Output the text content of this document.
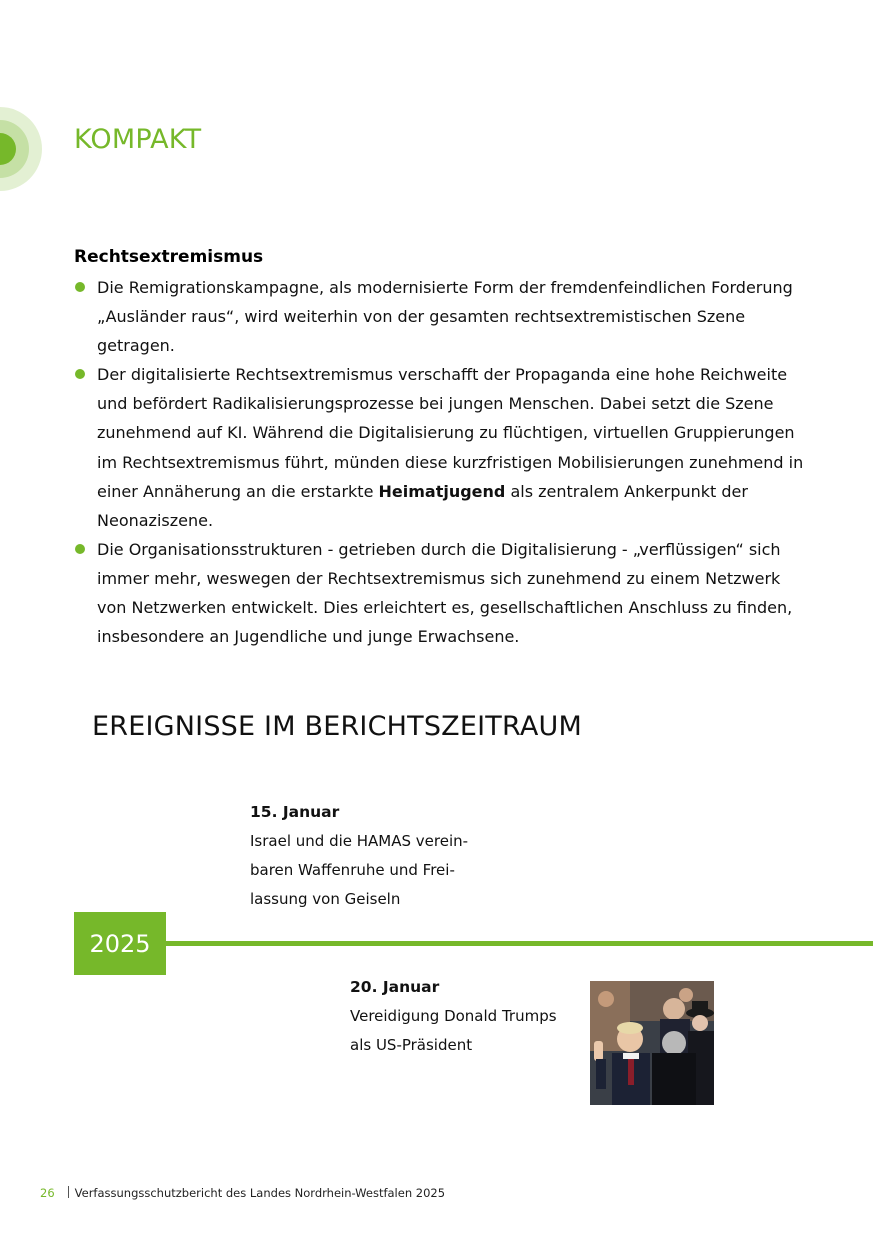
KOMPAKT
Rechtsextremismus
Die Remigrationskampagne, als modernisierte Form der fremdenfeindlichen Forderung „Ausländer raus“, wird weiterhin von der gesamten rechtsextremistischen Szene getragen.
Der digitalisierte Rechtsextremismus verschafft der Propaganda eine hohe Reichweite und befördert Radikalisierungsprozesse bei jungen Menschen. Dabei setzt die Szene zunehmend auf KI. Während die Digitalisierung zu flüchtigen, virtuellen Gruppierungen im Rechtsextremismus führt, münden diese kurzfristigen Mobilisierungen zunehmend in einer Annäherung an die erstarkte Heimatjugend als zentralem Ankerpunkt der Neonaziszene.
Die Organisationsstrukturen - getrieben durch die Digitalisierung - „verflüssigen“ sich immer mehr, weswegen der Rechtsextremismus sich zunehmend zu einem Netzwerk von Netzwerken entwickelt. Dies erleichtert es, gesellschaftlichen Anschluss zu finden, insbesondere an Jugendliche und junge Erwachsene.
EREIGNISSE IM BERICHTSZEITRAUM
15. Januar
Israel und die HAMAS verein-
baren Waffenruhe und Frei-
lassung von Geiseln
2025
20. Januar
Vereidigung Donald Trumps
als US-Präsident
26 Verfassungsschutzbericht des Landes Nordrhein-Westfalen 2025
